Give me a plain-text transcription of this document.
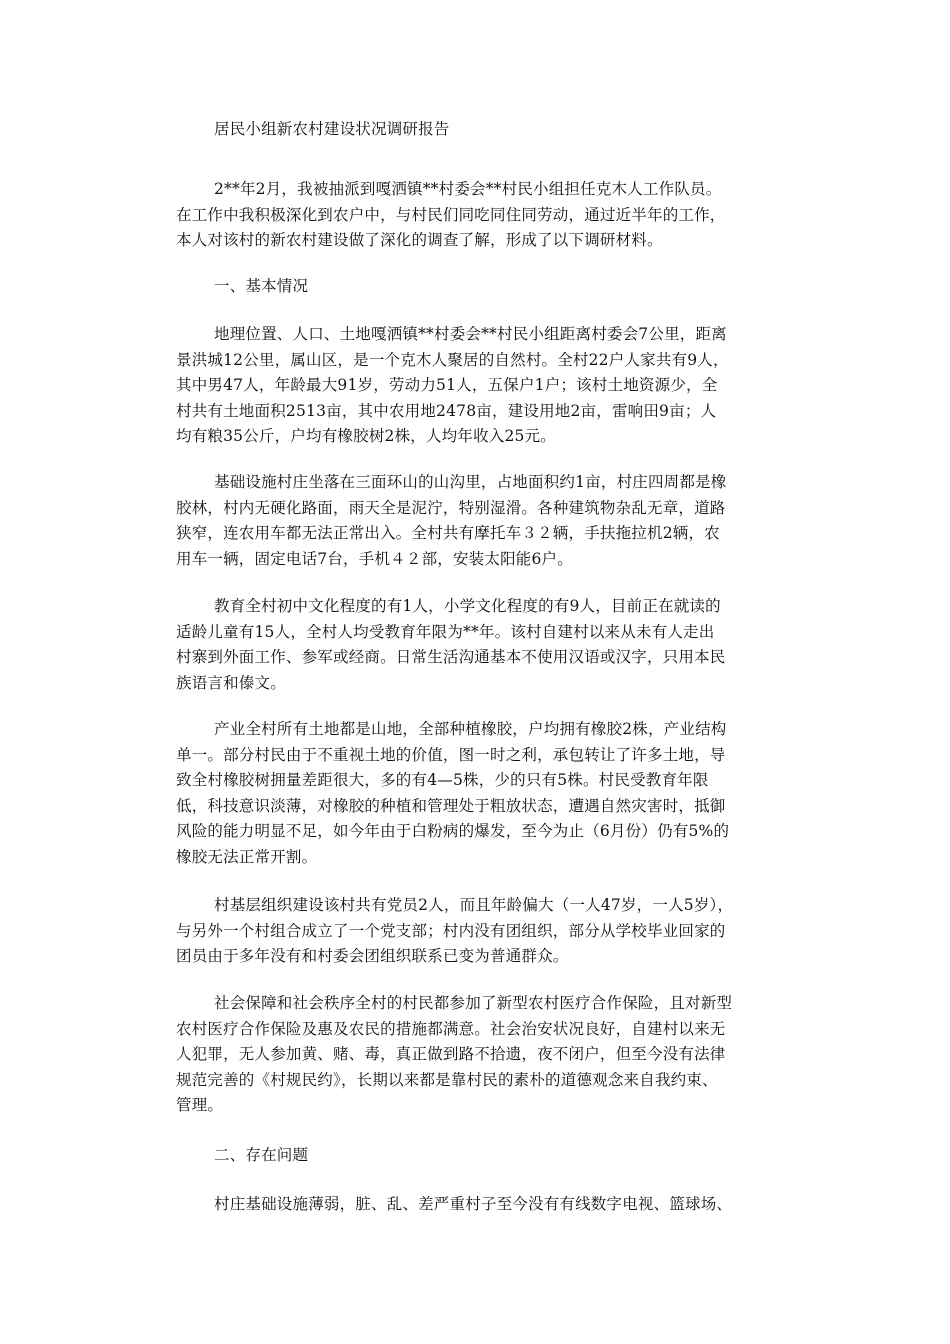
居民小组新农村建设状况调研报告
2**年2月，我被抽派到嘎洒镇**村委会**村民小组担任克木人工作队员。
在工作中我积极深化到农户中，与村民们同吃同住同劳动，通过近半年的工作，
本人对该村的新农村建设做了深化的调查了解，形成了以下调研材料。
一、基本情况
地理位置、人口、土地嘎洒镇**村委会**村民小组距离村委会7公里，距离
景洪城12公里，属山区，是一个克木人聚居的自然村。全村22户人家共有9人，
其中男47人，年龄最大91岁，劳动力51人，五保户1户；该村土地资源少，全
村共有土地面积2513亩，其中农用地2478亩，建设用地2亩，雷响田9亩；人
均有粮35公斤，户均有橡胶树2株，人均年收入25元。
基础设施村庄坐落在三面环山的山沟里，占地面积约1亩，村庄四周都是橡
胶林，村内无硬化路面，雨天全是泥泞，特别湿滑。各种建筑物杂乱无章，道路
狭窄，连农用车都无法正常出入。全村共有摩托车３２辆，手扶拖拉机2辆，农
用车一辆，固定电话7台，手机４２部，安装太阳能6户。
教育全村初中文化程度的有1人，小学文化程度的有9人，目前正在就读的
适龄儿童有15人，全村人均受教育年限为**年。该村自建村以来从未有人走出
村寨到外面工作、参军或经商。日常生活沟通基本不使用汉语或汉字，只用本民
族语言和傣文。
产业全村所有土地都是山地，全部种植橡胶，户均拥有橡胶2株，产业结构
单一。部分村民由于不重视土地的价值，图一时之利，承包转让了许多土地，导
致全村橡胶树拥量差距很大，多的有4—5株，少的只有5株。村民受教育年限
低，科技意识淡薄，对橡胶的种植和管理处于粗放状态，遭遇自然灾害时，抵御
风险的能力明显不足，如今年由于白粉病的爆发，至今为止（6月份）仍有5%的
橡胶无法正常开割。
村基层组织建设该村共有党员2人，而且年龄偏大（一人47岁，一人5岁），
与另外一个村组合成立了一个党支部；村内没有团组织，部分从学校毕业回家的
团员由于多年没有和村委会团组织联系已变为普通群众。
社会保障和社会秩序全村的村民都参加了新型农村医疗合作保险，且对新型
农村医疗合作保险及惠及农民的措施都满意。社会治安状况良好，自建村以来无
人犯罪，无人参加黄、赌、毒，真正做到路不拾遗，夜不闭户，但至今没有法律
规范完善的《村规民约》，长期以来都是靠村民的素朴的道德观念来自我约束、
管理。
二、存在问题
村庄基础设施薄弱，脏、乱、差严重村子至今没有有线数字电视、篮球场、
